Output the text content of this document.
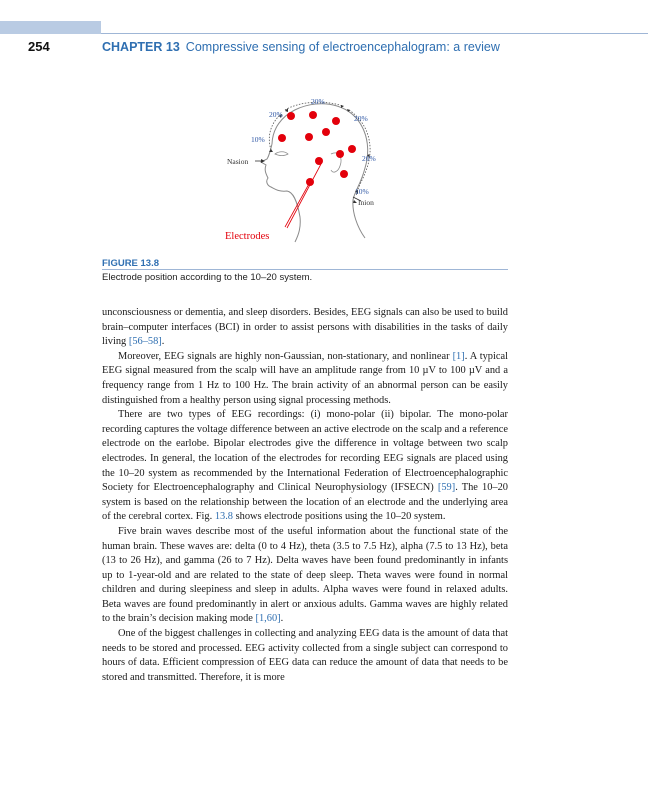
254	CHAPTER 13 Compressive sensing of electroencephalogram: a review
20%
20%	20%
10%
20%
10%
Nasion
Inion
Electrodes
FIGURE 13.8
Electrode position according to the 10–20 system.

unconsciousness or dementia, and sleep disorders. Besides, EEG signals can also be used to build brain–computer interfaces (BCI) in order to assist persons with disabilities in the tasks of daily living [56–58].

Moreover, EEG signals are highly non-Gaussian, non-stationary, and nonlinear [1]. A typical EEG signal measured from the scalp will have an amplitude range from 10 µV to 100 µV and a frequency range from 1 Hz to 100 Hz. The brain activity of an abnormal person can be easily distinguished from a healthy person using signal processing methods.

There are two types of EEG recordings: (i) mono-polar (ii) bipolar. The mono-polar recording captures the voltage difference between an active electrode on the scalp and a reference electrode on the earlobe. Bipolar electrodes give the difference in voltage between two scalp electrodes. In general, the location of the electrodes for recording EEG signals are placed using the 10–20 system as recommended by the International Federation of Electroencephalographic Society for Electroencephalography and Clinical Neurophysiology (IFSECN) [59]. The 10–20 system is based on the relationship between the location of an electrode and the underlying area of the cerebral cortex. Fig. 13.8 shows electrode positions using the 10–20 system.

Five brain waves describe most of the useful information about the functional state of the human brain. These waves are: delta (0 to 4 Hz), theta (3.5 to 7.5 Hz), alpha (7.5 to 13 Hz), beta (13 to 26 Hz), and gamma (26 to 7 Hz). Delta waves have been found predominantly in infants up to 1-year-old and are related to the state of deep sleep. Theta waves were found in normal children and during sleepiness and sleep in adults. Alpha waves were found in relaxed adults. Beta waves are found predominantly in alert or anxious adults. Gamma waves are highly related to the brain’s decision making mode [1,60].

One of the biggest challenges in collecting and analyzing EEG data is the amount of data that needs to be stored and processed. EEG activity collected from a single subject can correspond to hours of data. Efficient compression of EEG data can reduce the amount of data that needs to be stored and transmitted. Therefore, it is more
